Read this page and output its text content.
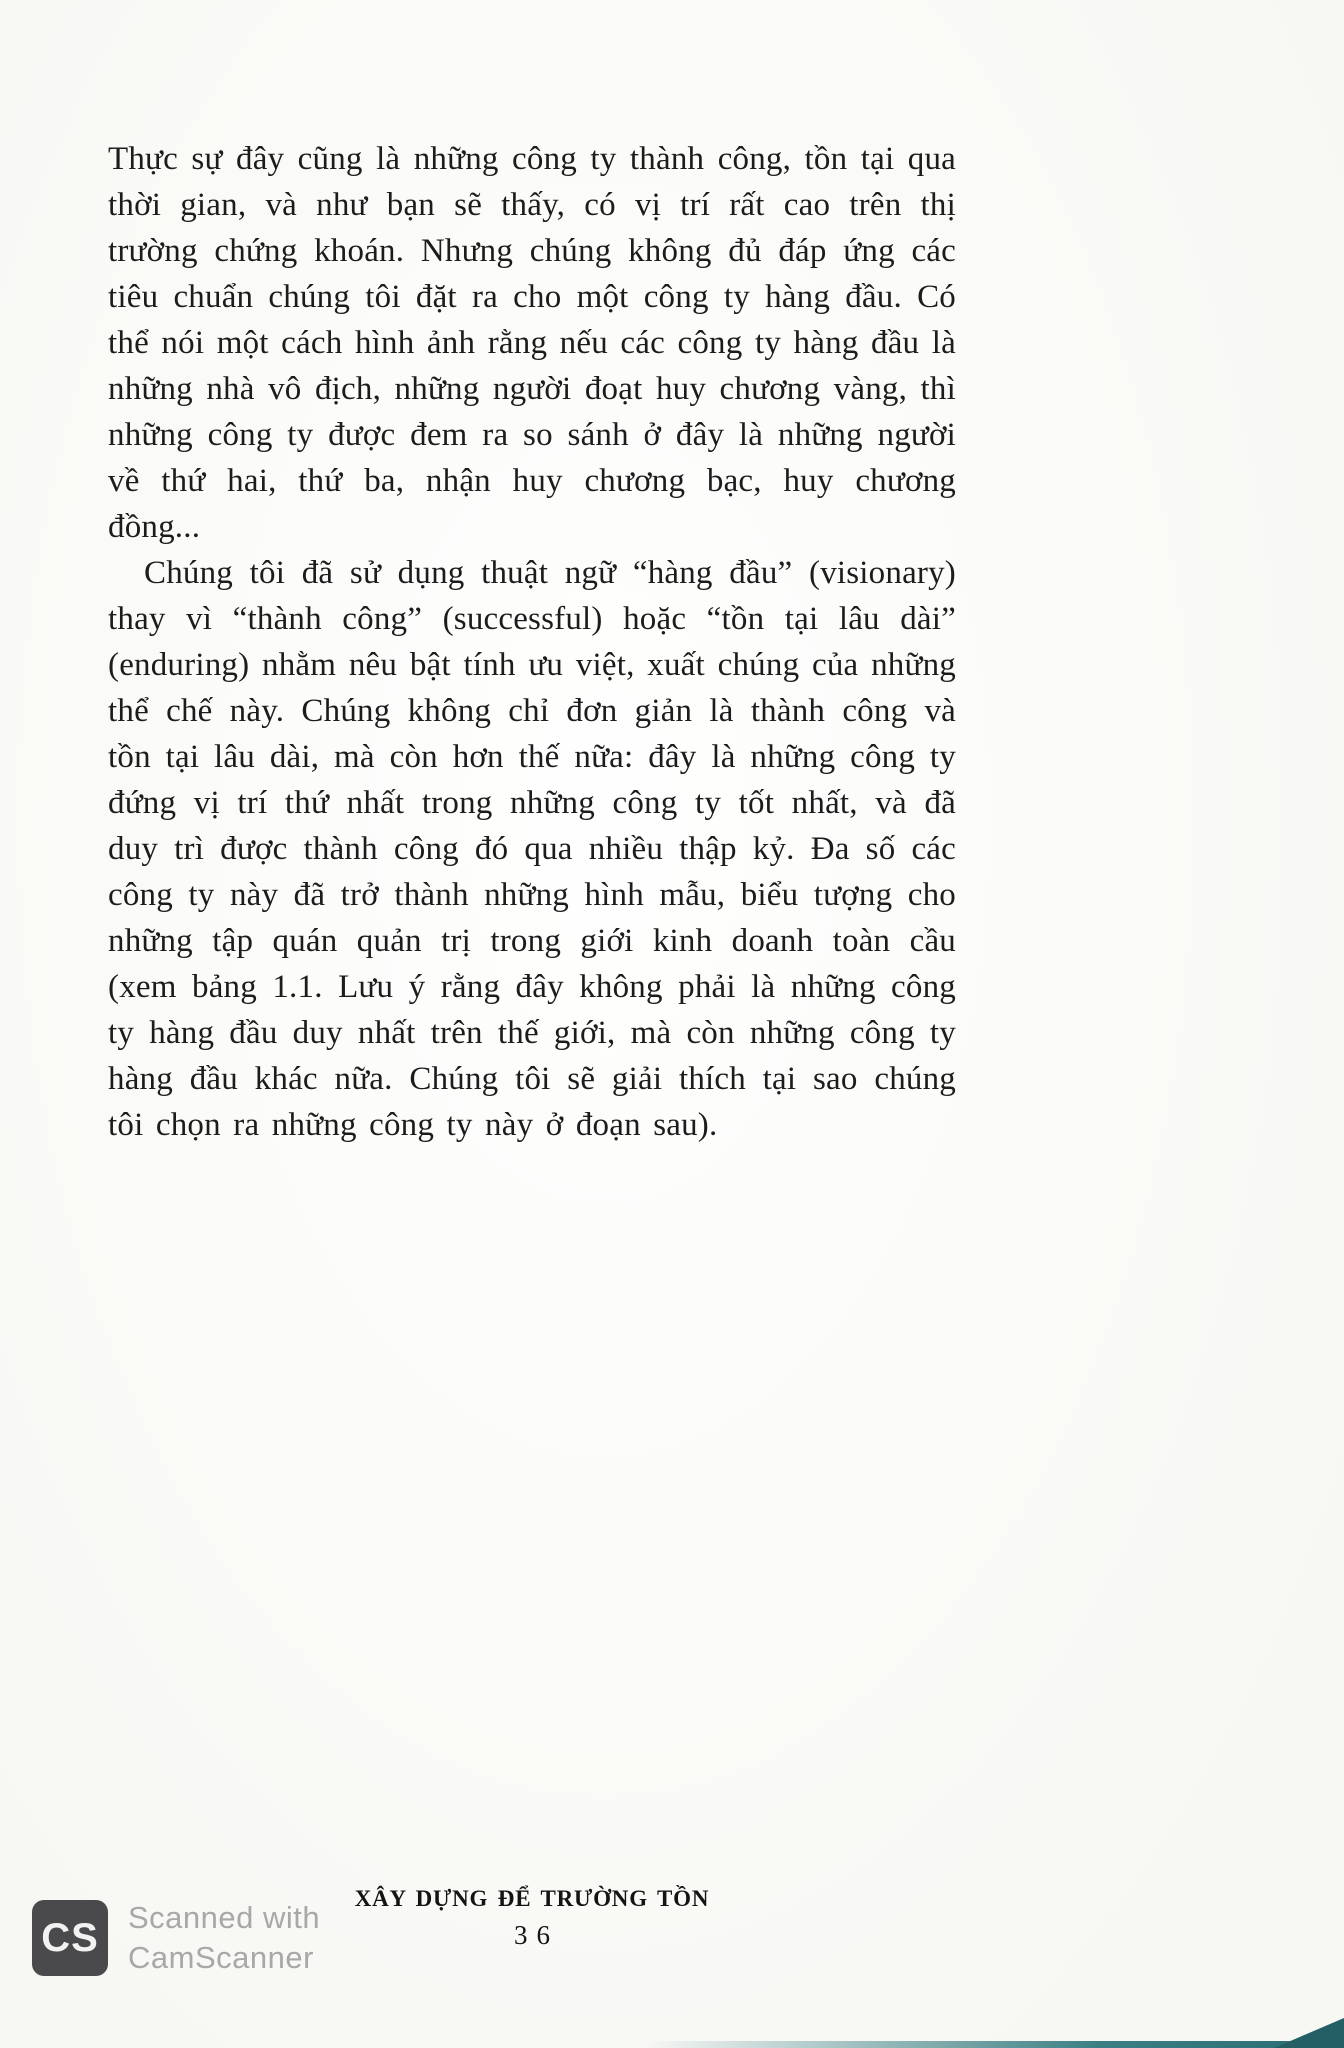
Thực sự đây cũng là những công ty thành công, tồn tại qua thời gian, và như bạn sẽ thấy, có vị trí rất cao trên thị trường chứng khoán. Nhưng chúng không đủ đáp ứng các tiêu chuẩn chúng tôi đặt ra cho một công ty hàng đầu. Có thể nói một cách hình ảnh rằng nếu các công ty hàng đầu là những nhà vô địch, những người đoạt huy chương vàng, thì những công ty được đem ra so sánh ở đây là những người về thứ hai, thứ ba, nhận huy chương bạc, huy chương đồng...

Chúng tôi đã sử dụng thuật ngữ “hàng đầu” (visionary) thay vì “thành công” (successful) hoặc “tồn tại lâu dài” (enduring) nhằm nêu bật tính ưu việt, xuất chúng của những thể chế này. Chúng không chỉ đơn giản là thành công và tồn tại lâu dài, mà còn hơn thế nữa: đây là những công ty đứng vị trí thứ nhất trong những công ty tốt nhất, và đã duy trì được thành công đó qua nhiều thập kỷ. Đa số các công ty này đã trở thành những hình mẫu, biểu tượng cho những tập quán quản trị trong giới kinh doanh toàn cầu (xem bảng 1.1. Lưu ý rằng đây không phải là những công ty hàng đầu duy nhất trên thế giới, mà còn những công ty hàng đầu khác nữa. Chúng tôi sẽ giải thích tại sao chúng tôi chọn ra những công ty này ở đoạn sau).

XÂY DỰNG ĐỂ TRƯỜNG TỒN
36
CS Scanned with
CamScanner
